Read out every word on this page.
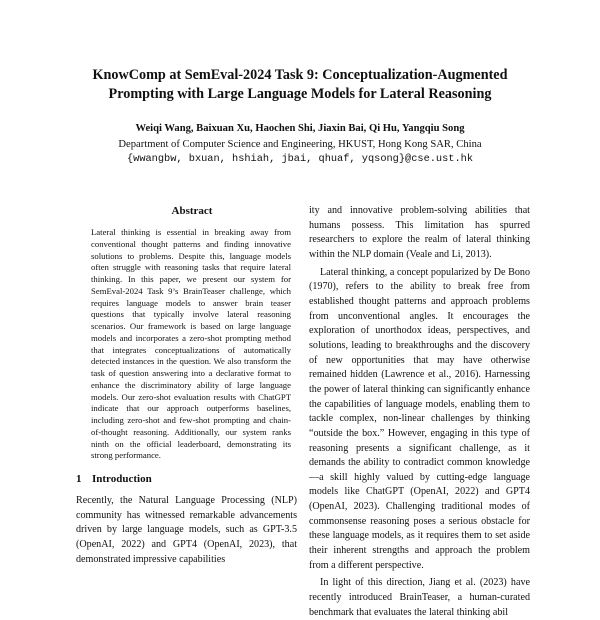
KnowComp at SemEval-2024 Task 9: Conceptualization-Augmented
Prompting with Large Language Models for Lateral Reasoning
Weiqi Wang, Baixuan Xu, Haochen Shi, Jiaxin Bai, Qi Hu, Yangqiu Song
Department of Computer Science and Engineering, HKUST, Hong Kong SAR, China
{wwangbw, bxuan, hshiah, jbai, qhuaf, yqsong}@cse.ust.hk
Abstract

Lateral thinking is essential in breaking away from conventional thought patterns and finding innovative solutions to problems. Despite this, language models often struggle with reasoning tasks that require lateral thinking. In this paper, we present our system for SemEval-2024 Task 9’s BrainTeaser challenge, which requires language models to answer brain teaser questions that typically involve lateral reasoning scenarios. Our framework is based on large language models and incorporates a zero-shot prompting method that integrates conceptualizations of automatically detected instances in the question. We also transform the task of question answering into a declarative format to enhance the discriminatory ability of large language models. Our zero-shot evaluation results with ChatGPT indicate that our approach outperforms baselines, including zero-shot and few-shot prompting and chain-of-thought reasoning. Additionally, our system ranks ninth on the official leaderboard, demonstrating its strong performance.

1 Introduction

Recently, the Natural Language Processing (NLP) community has witnessed remarkable advancements driven by large language models, such as GPT-3.5 (OpenAI, 2022) and GPT4 (OpenAI, 2023), that demonstrated impressive capabilities

ity and innovative problem-solving abilities that humans possess. This limitation has spurred researchers to explore the realm of lateral thinking within the NLP domain (Veale and Li, 2013).

Lateral thinking, a concept popularized by De Bono (1970), refers to the ability to break free from established thought patterns and approach problems from unconventional angles. It encourages the exploration of unorthodox ideas, perspectives, and solutions, leading to breakthroughs and the discovery of new opportunities that may have otherwise remained hidden (Lawrence et al., 2016). Harnessing the power of lateral thinking can significantly enhance the capabilities of language models, enabling them to tackle complex, non-linear challenges by thinking “outside the box.” However, engaging in this type of reasoning presents a significant challenge, as it demands the ability to contradict common knowledge—a skill highly valued by cutting-edge language models like ChatGPT (OpenAI, 2022) and GPT4 (OpenAI, 2023). Challenging traditional modes of commonsense reasoning poses a serious obstacle for these language models, as it requires them to set aside their inherent strengths and approach the problem from a different perspective.

In light of this direction, Jiang et al. (2023) have recently introduced BrainTeaser, a human-curated benchmark that evaluates the lateral thinking abil
